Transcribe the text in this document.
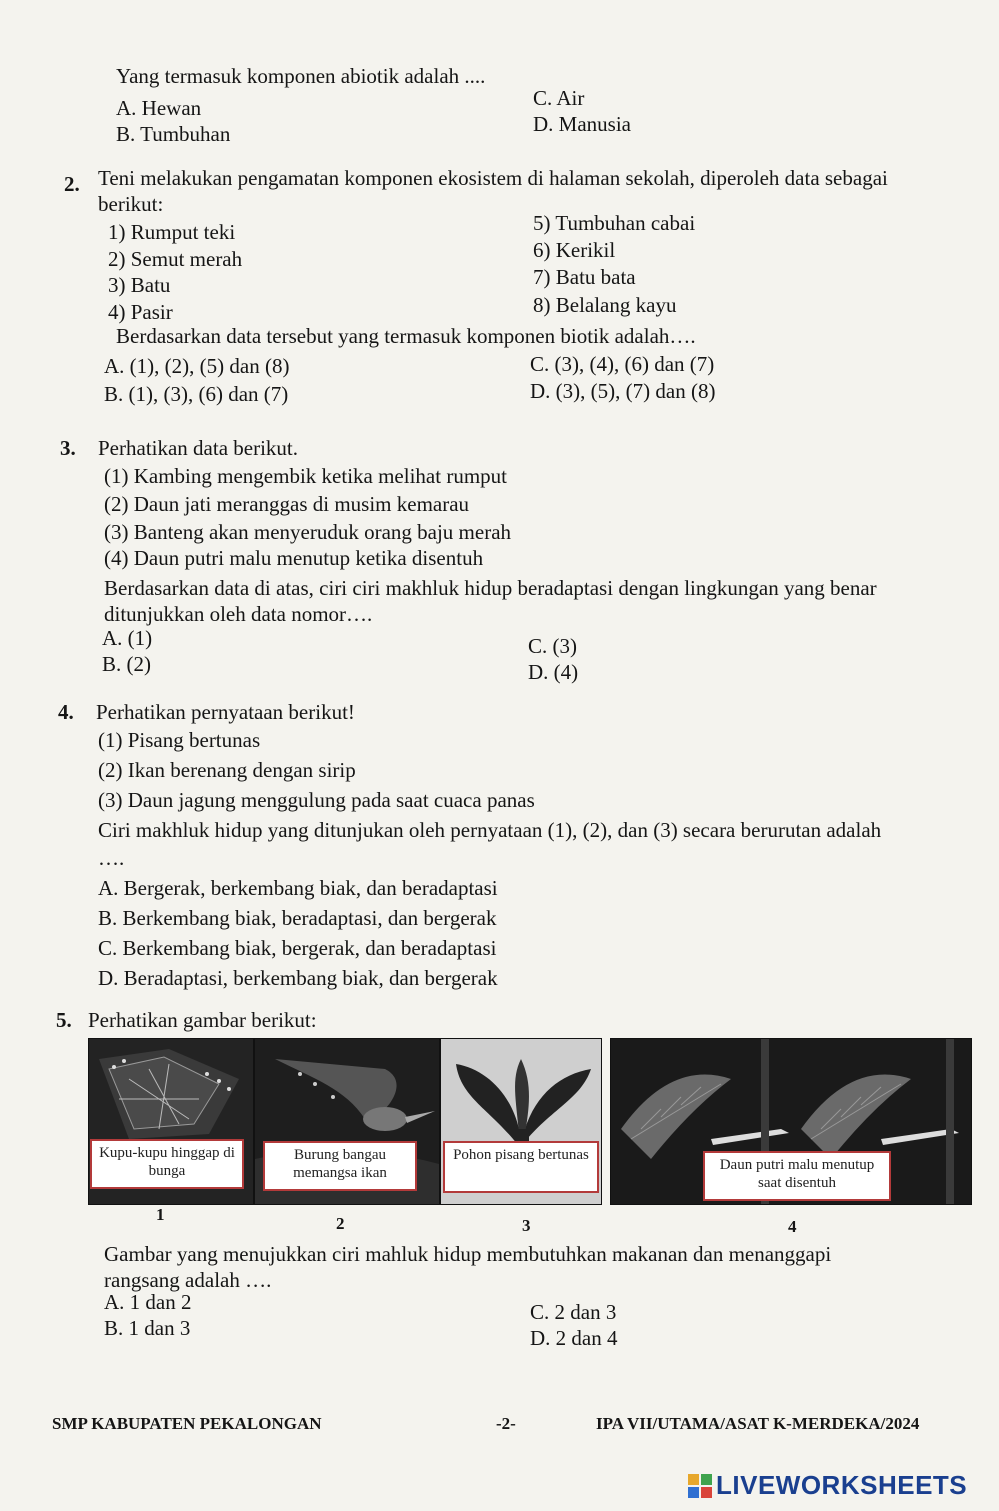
Yang termasuk komponen abiotik adalah ....
A. Hewan
B. Tumbuhan
C. Air
D. Manusia
2. Teni melakukan pengamatan komponen ekosistem di halaman sekolah, diperoleh data sebagai
berikut:
1) Rumput teki
2) Semut merah
3) Batu
4) Pasir
5) Tumbuhan cabai
6) Kerikil
7) Batu bata
8) Belalang kayu
Berdasarkan data tersebut yang termasuk komponen biotik adalah….
A. (1), (2), (5) dan (8)
B. (1), (3), (6) dan (7)
C. (3), (4), (6) dan (7)
D. (3), (5), (7) dan (8)
3. Perhatikan data berikut.
(1) Kambing mengembik ketika melihat rumput
(2) Daun jati meranggas di musim kemarau
(3) Banteng akan menyeruduk orang baju merah
(4) Daun putri malu menutup ketika disentuh
Berdasarkan data di atas, ciri ciri makhluk hidup beradaptasi dengan lingkungan yang benar
ditunjukkan oleh data nomor….
A. (1)
B. (2)
C. (3)
D. (4)
4. Perhatikan pernyataan berikut!
(1) Pisang bertunas
(2) Ikan berenang dengan sirip
(3) Daun jagung menggulung pada saat cuaca panas
Ciri makhluk hidup yang ditunjukan oleh pernyataan (1), (2), dan (3) secara berurutan adalah
….
A. Bergerak, berkembang biak, dan beradaptasi
B. Berkembang biak, beradaptasi, dan bergerak
C. Berkembang biak, bergerak, dan beradaptasi
D. Beradaptasi, berkembang biak, dan bergerak
5. Perhatikan gambar berikut:
Kupu-kupu hinggap di bunga
Burung bangau memangsa ikan
Pohon pisang bertunas
Daun putri malu menutup saat disentuh
1	2	3	4
Gambar yang menujukkan ciri mahluk hidup membutuhkan makanan dan menanggapi
rangsang adalah ….
A. 1 dan 2
B. 1 dan 3
C. 2 dan 3
D. 2 dan 4
SMP KABUPATEN PEKALONGAN	-2-	IPA VII/UTAMA/ASAT K-MERDEKA/2024
LIVEWORKSHEETS
